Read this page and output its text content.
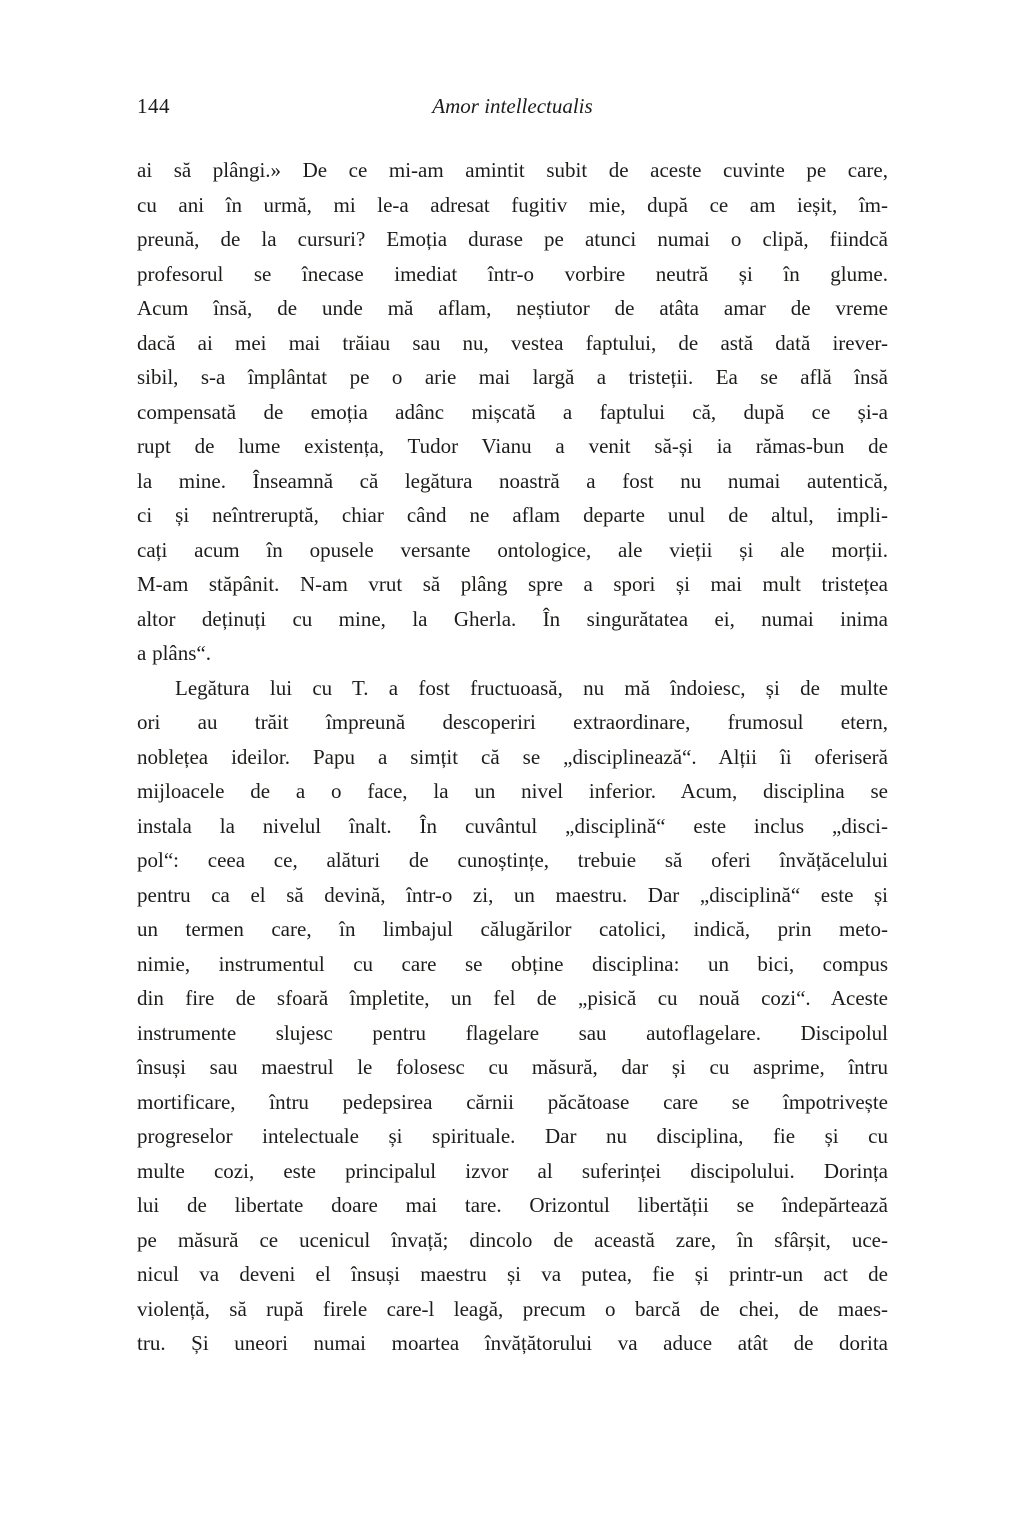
144	Amor intellectualis
ai să plângi.» De ce mi-am amintit subit de aceste cuvinte pe care,
cu ani în urmă, mi le-a adresat fugitiv mie, după ce am ieșit, îm-
preună, de la cursuri? Emoția durase pe atunci numai o clipă, fiindcă
profesorul se înecase imediat într-o vorbire neutră și în glume.
Acum însă, de unde mă aflam, neștiutor de atâta amar de vreme
dacă ai mei mai trăiau sau nu, vestea faptului, de astă dată irever-
sibil, s-a împlântat pe o arie mai largă a tristeții. Ea se află însă
compensată de emoția adânc mișcată a faptului că, după ce și-a
rupt de lume existența, Tudor Vianu a venit să-și ia rămas-bun de
la mine. Înseamnă că legătura noastră a fost nu numai autentică,
ci și neîntreruptă, chiar când ne aflam departe unul de altul, impli-
cați acum în opusele versante ontologice, ale vieții și ale morții.
M-am stăpânit. N-am vrut să plâng spre a spori și mai mult tristețea
altor deținuți cu mine, la Gherla. În singurătatea ei, numai inima
a plâns“.
Legătura lui cu T. a fost fructuoasă, nu mă îndoiesc, și de multe
ori au trăit împreună descoperiri extraordinare, frumosul etern,
noblețea ideilor. Papu a simțit că se „disciplinează“. Alții îi oferiseră
mijloacele de a o face, la un nivel inferior. Acum, disciplina se
instala la nivelul înalt. În cuvântul „disciplină“ este inclus „disci-
pol“: ceea ce, alături de cunoștințe, trebuie să oferi învățăcelului
pentru ca el să devină, într-o zi, un maestru. Dar „disciplină“ este și
un termen care, în limbajul călugărilor catolici, indică, prin meto-
nimie, instrumentul cu care se obține disciplina: un bici, compus
din fire de sfoară împletite, un fel de „pisică cu nouă cozi“. Aceste
instrumente slujesc pentru flagelare sau autoflagelare. Discipolul
însuși sau maestrul le folosesc cu măsură, dar și cu asprime, întru
mortificare, întru pedepsirea cărnii păcătoase care se împotrivește
progreselor intelectuale și spirituale. Dar nu disciplina, fie și cu
multe cozi, este principalul izvor al suferinței discipolului. Dorința
lui de libertate doare mai tare. Orizontul libertății se îndepărtează
pe măsură ce ucenicul învață; dincolo de această zare, în sfârșit, uce-
nicul va deveni el însuși maestru și va putea, fie și printr-un act de
violență, să rupă firele care-l leagă, precum o barcă de chei, de maes-
tru. Și uneori numai moartea învățătorului va aduce atât de dorita
